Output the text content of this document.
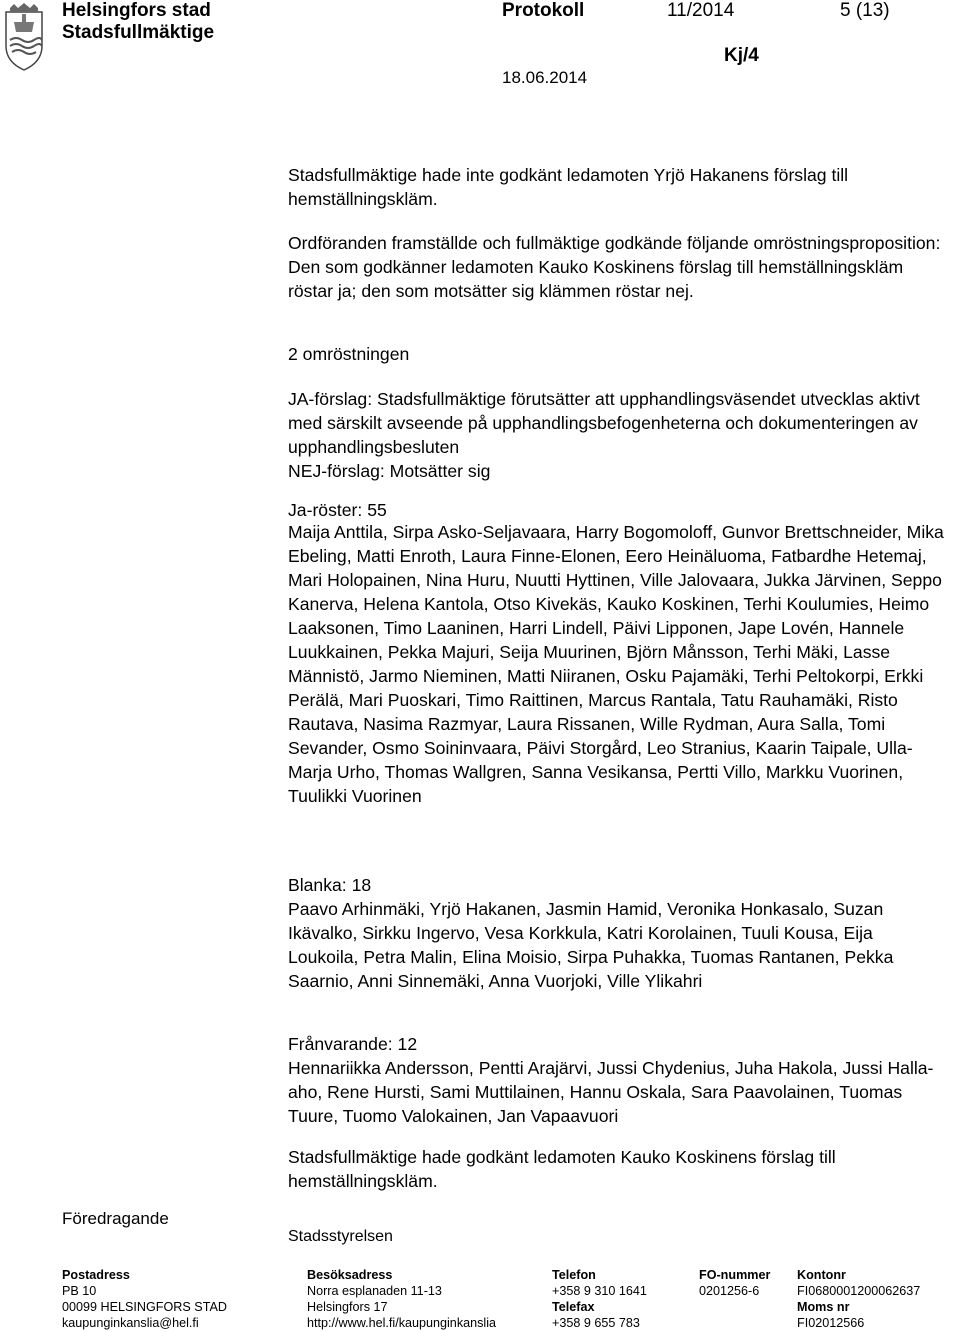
Helsingfors stad
Stadsfullmäktige
Protokoll	11/2014	5 (13)
Kj/4
18.06.2014

Stadsfullmäktige hade inte godkänt ledamoten Yrjö Hakanens förslag till hemställningskläm.

Ordföranden framställde och fullmäktige godkände följande omröstningsproposition: Den som godkänner ledamoten Kauko Koskinens förslag till hemställningskläm röstar ja; den som motsätter sig klämmen röstar nej.

2 omröstningen

JA-förslag: Stadsfullmäktige förutsätter att upphandlingsväsendet utvecklas aktivt med särskilt avseende på upphandlingsbefogenheterna och dokumenteringen av upphandlingsbesluten

NEJ-förslag: Motsätter sig

Ja-röster: 55

Maija Anttila, Sirpa Asko-Seljavaara, Harry Bogomoloff, Gunvor Brettschneider, Mika Ebeling, Matti Enroth, Laura Finne-Elonen, Eero Heinäluoma, Fatbardhe Hetemaj, Mari Holopainen, Nina Huru, Nuutti Hyttinen, Ville Jalovaara, Jukka Järvinen, Seppo Kanerva, Helena Kantola, Otso Kivekäs, Kauko Koskinen, Terhi Koulumies, Heimo Laaksonen, Timo Laaninen, Harri Lindell, Päivi Lipponen, Jape Lovén, Hannele Luukkainen, Pekka Majuri, Seija Muurinen, Björn Månsson, Terhi Mäki, Lasse Männistö, Jarmo Nieminen, Matti Niiranen, Osku Pajamäki, Terhi Peltokorpi, Erkki Perälä, Mari Puoskari, Timo Raittinen, Marcus Rantala, Tatu Rauhamäki, Risto Rautava, Nasima Razmyar, Laura Rissanen, Wille Rydman, Aura Salla, Tomi Sevander, Osmo Soininvaara, Päivi Storgård, Leo Stranius, Kaarin Taipale, Ulla-Marja Urho, Thomas Wallgren, Sanna Vesikansa, Pertti Villo, Markku Vuorinen, Tuulikki Vuorinen

Blanka: 18

Paavo Arhinmäki, Yrjö Hakanen, Jasmin Hamid, Veronika Honkasalo, Suzan Ikävalko, Sirkku Ingervo, Vesa Korkkula, Katri Korolainen, Tuuli Kousa, Eija Loukoila, Petra Malin, Elina Moisio, Sirpa Puhakka, Tuomas Rantanen, Pekka Saarnio, Anni Sinnemäki, Anna Vuorjoki, Ville Ylikahri

Frånvarande: 12

Hennariikka Andersson, Pentti Arajärvi, Jussi Chydenius, Juha Hakola, Jussi Halla-aho, Rene Hursti, Sami Muttilainen, Hannu Oskala, Sara Paavolainen, Tuomas Tuure, Tuomo Valokainen, Jan Vapaavuori

Stadsfullmäktige hade godkänt ledamoten Kauko Koskinens förslag till hemställningskläm.

Föredragande
Stadsstyrelsen
Postadress
PB 10
00099 HELSINGFORS STAD
kaupunginkanslia@hel.fi
Besöksadress
Norra esplanaden 11-13
Helsingfors 17
http://www.hel.fi/kaupunginkanslia
Telefon
+358 9 310 1641
Telefax
+358 9 655 783
FO-nummer
0201256-6
Kontonr
FI0680001200062637
Moms nr
FI02012566
